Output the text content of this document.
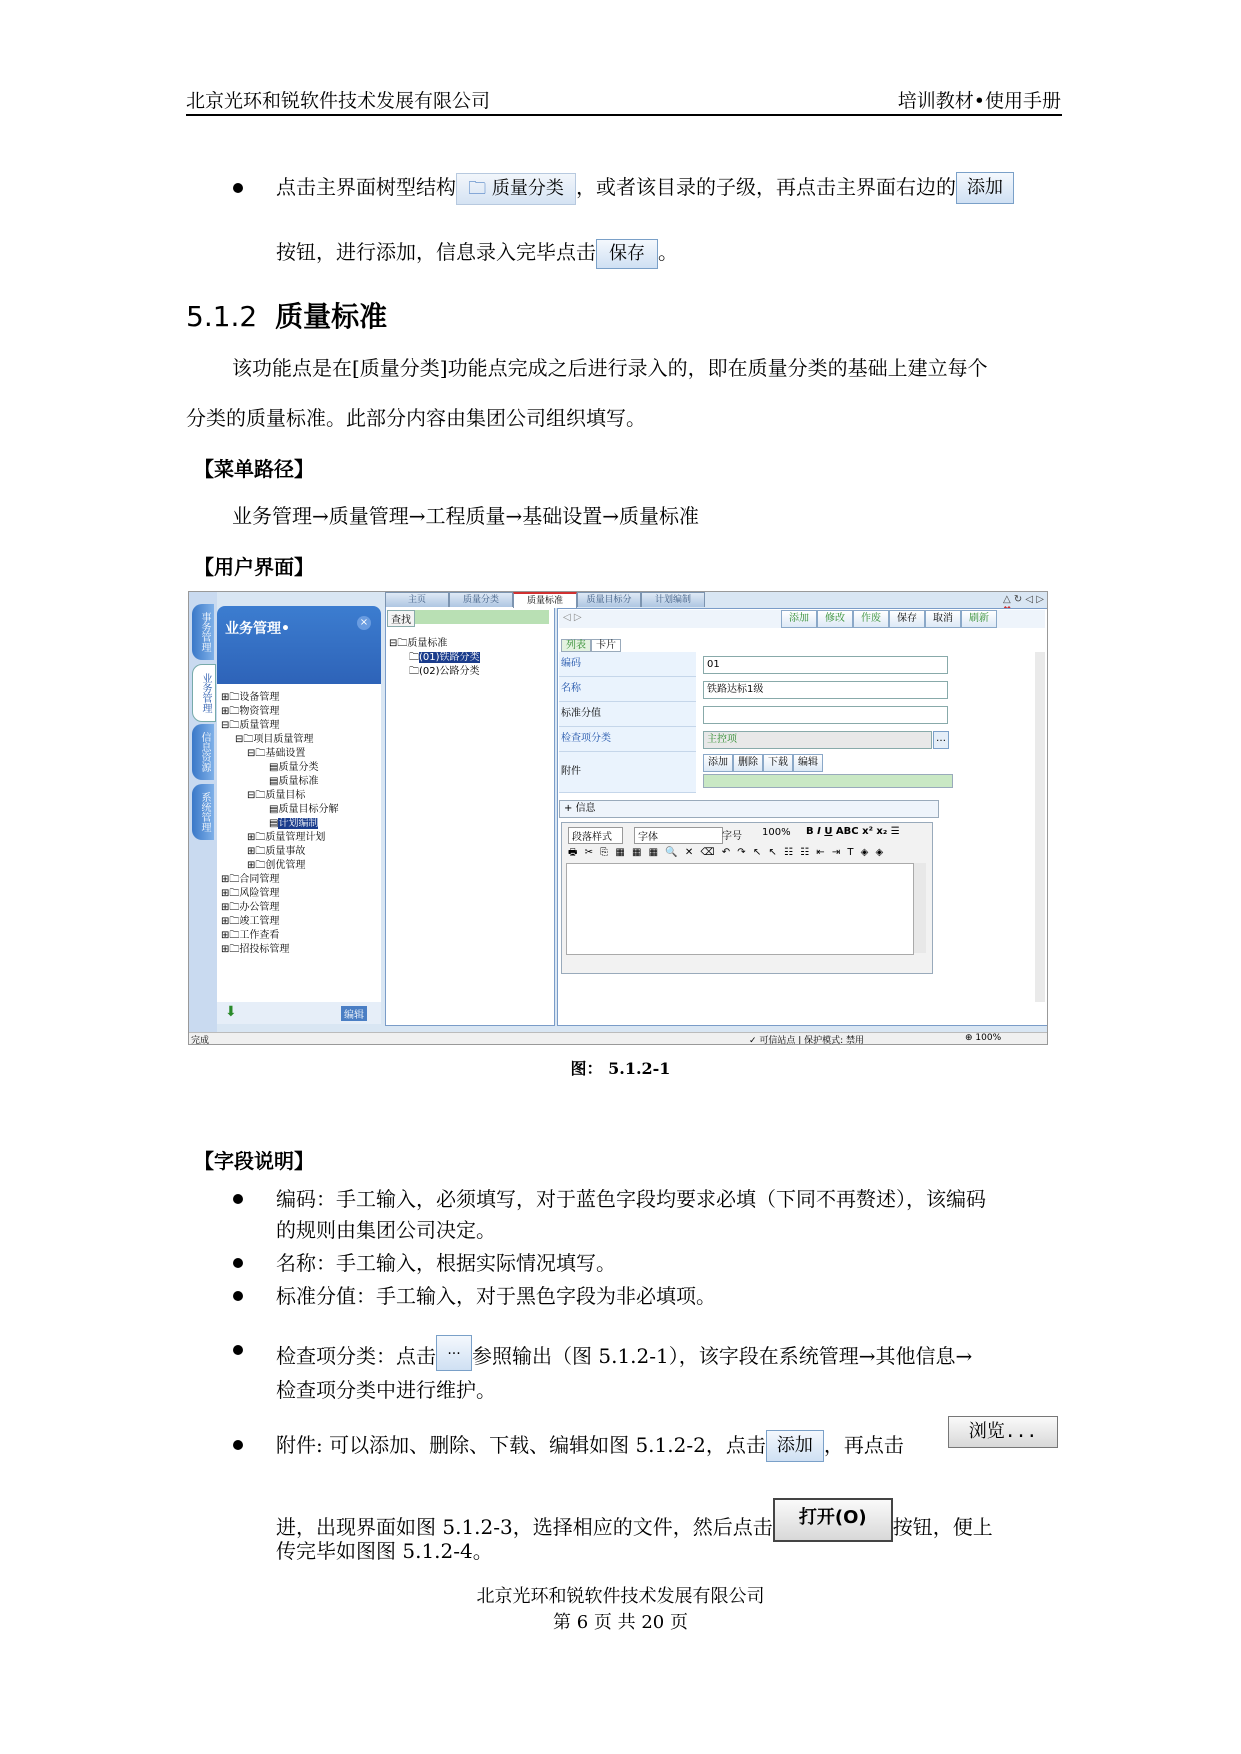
北京光环和锐软件技术发展有限公司	培训教材•使用手册
点击主界面树型结构 🗀 质量分类 ，或者该目录的子级，再点击主界面右边的 添加
按钮，进行添加，信息录入完毕点击 保存 。
5.1.2 质量标准
该功能点是在[质量分类]功能点完成之后进行录入的，即在质量分类的基础上建立每个
分类的质量标准。此部分内容由集团公司组织填写。
【菜单路径】
业务管理→质量管理→工程质量→基础设置→质量标准
【用户界面】
事务管理
业务管理
信息资源
系统管理
业务管理•	×
⊞🗀设备管理
⊞🗀物资管理
⊟🗀质量管理
⊟🗀项目质量管理
⊟🗀基础设置
▤质量分类
▤质量标准
⊟🗀质量目标
▤质量目标分解
▤计划编制
⊞🗀质量管理计划
⊞🗀质量事故
⊞🗀创优管理
⊞🗀合同管理
⊞🗀风险管理
⊞🗀办公管理
⊞🗀竣工管理
⊞🗀工作查看
⊞🗀招投标管理
⬇	编辑
查找
⊟🗀质量标准
🗀(01)铁路分类
🗀(02)公路分类
主页	质量分类	质量标准	质量目标分	计划编制	△ ↻ ◁ ▷
◁ ▷	添加	修改	作废	保存	取消	刷新
列表 卡片
编码	01
名称	铁路达标1级
标准分值
检查项分类	主控项	…
附件
添加	删除	下载	编辑
+ 信息
段落样式	字体	字号 100% B I U ABC x² x₂ ☰
🖶 ✂ ⎘ ▦ ▦ ▦ 🔍 ✕ ⌫ ↶ ↷ ↖ ↖ ☷ ☷ ⇤ ⇥ T ◈ ◈
完成	✓ 可信站点 | 保护模式: 禁用	⊕ 100%
图： 5.1.2-1
【字段说明】
编码：手工输入，必须填写，对于蓝色字段均要求必填（下同不再赘述），该编码
的规则由集团公司决定。
名称：手工输入，根据实际情况填写。
标准分值：手工输入，对于黑色字段为非必填项。
检查项分类：点击 ... 参照输出（图 5.1.2-1），该字段在系统管理→其他信息→
检查项分类中进行维护。
附件: 可以添加、删除、下载、编辑如图 5.1.2-2，点击 添加 ，再点击
浏览...
进，出现界面如图 5.1.2-3，选择相应的文件，然后点击 打开(O) 按钮，便上
传完毕如图图 5.1.2-4。
北京光环和锐软件技术发展有限公司
第 6 页 共 20 页
